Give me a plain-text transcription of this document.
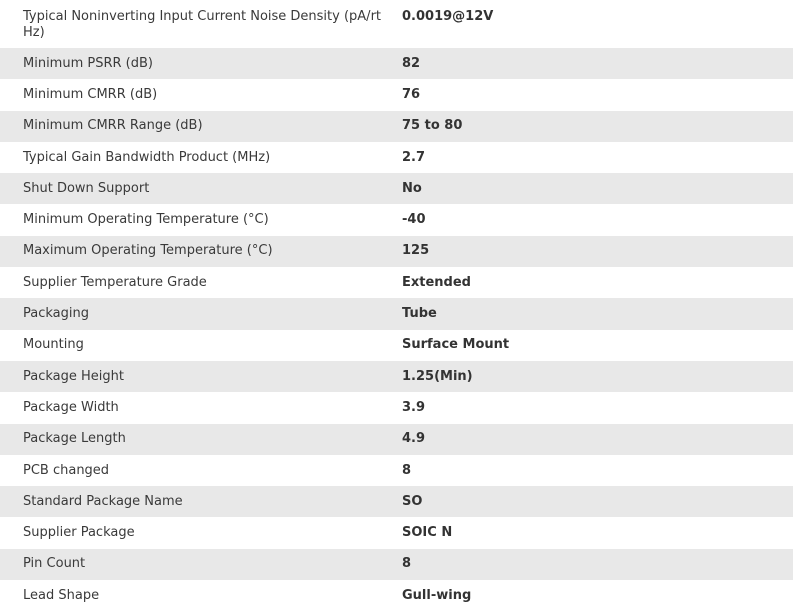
Typical Noninverting Input Current Noise Density (pA/rt Hz)	0.0019@12V
Minimum PSRR (dB)	82
Minimum CMRR (dB)	76
Minimum CMRR Range (dB)	75 to 80
Typical Gain Bandwidth Product (MHz)	2.7
Shut Down Support	No
Minimum Operating Temperature (°C)	-40
Maximum Operating Temperature (°C)	125
Supplier Temperature Grade	Extended
Packaging	Tube
Mounting	Surface Mount
Package Height	1.25(Min)
Package Width	3.9
Package Length	4.9
PCB changed	8
Standard Package Name	SO
Supplier Package	SOIC N
Pin Count	8
Lead Shape	Gull-wing
